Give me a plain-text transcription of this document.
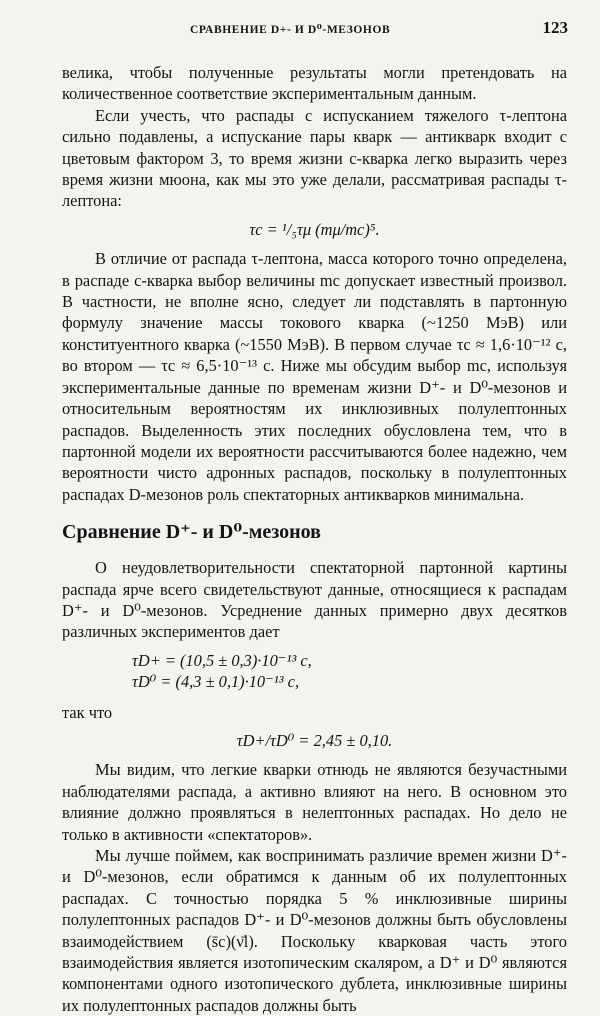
СРАВНЕНИЕ D+- И D⁰-МЕЗОНОВ	123

велика, чтобы полученные результаты могли претендовать на количественное соответствие экспериментальным данным.

Если учесть, что распады с испусканием тяжелого τ-лептона сильно подавлены, а испускание пары кварк — антикварк входит с цветовым фактором 3, то время жизни c-кварка легко выразить через время жизни мюона, как мы это уже делали, рассматривая распады τ-лептона:

τc = ¹/₅τμ (mμ/mc)⁵.

В отличие от распада τ-лептона, масса которого точно определена, в распаде c-кварка выбор величины mc допускает известный произвол. В частности, не вполне ясно, следует ли подставлять в партонную формулу значение массы токового кварка (~1250 МэВ) или конституентного кварка (~1550 МэВ). В первом случае τc ≈ 1,6·10⁻¹² с, во втором — τc ≈ 6,5·10⁻¹³ с. Ниже мы обсудим выбор mc, используя экспериментальные данные по временам жизни D⁺- и D⁰-мезонов и относительным вероятностям их инклюзивных полулептонных распадов. Выделенность этих последних обусловлена тем, что в партонной модели их вероятности рассчитываются более надежно, чем вероятности чисто адронных распадов, поскольку в полулептонных распадах D-мезонов роль спектаторных антикварков минимальна.

Сравнение D⁺- и D⁰-мезонов

О неудовлетворительности спектаторной партонной картины распада ярче всего свидетельствуют данные, относящиеся к распадам D⁺- и D⁰-мезонов. Усреднение данных примерно двух десятков различных экспериментов дает

τD+ = (10,5 ± 0,3)·10⁻¹³ с,
τD⁰ = (4,3 ± 0,1)·10⁻¹³ с,

так что

τD+/τD⁰ = 2,45 ± 0,10.

Мы видим, что легкие кварки отнюдь не являются безучастными наблюдателями распада, а активно влияют на него. В основном это влияние должно проявляться в нелептонных распадах. Но дело не только в активности «спектаторов».

Мы лучше поймем, как воспринимать различие времен жизни D⁺- и D⁰-мезонов, если обратимся к данным об их полулептонных распадах. С точностью порядка 5 % инклюзивные ширины полулептонных распадов D⁺- и D⁰-мезонов должны быть обусловлены взаимодействием (s̄c)(ν̄l). Поскольку кварковая часть этого взаимодействия является изотопическим скаляром, а D⁺ и D⁰ являются компонентами одного изотопического дублета, инклюзивные ширины их полулептонных распадов должны быть
